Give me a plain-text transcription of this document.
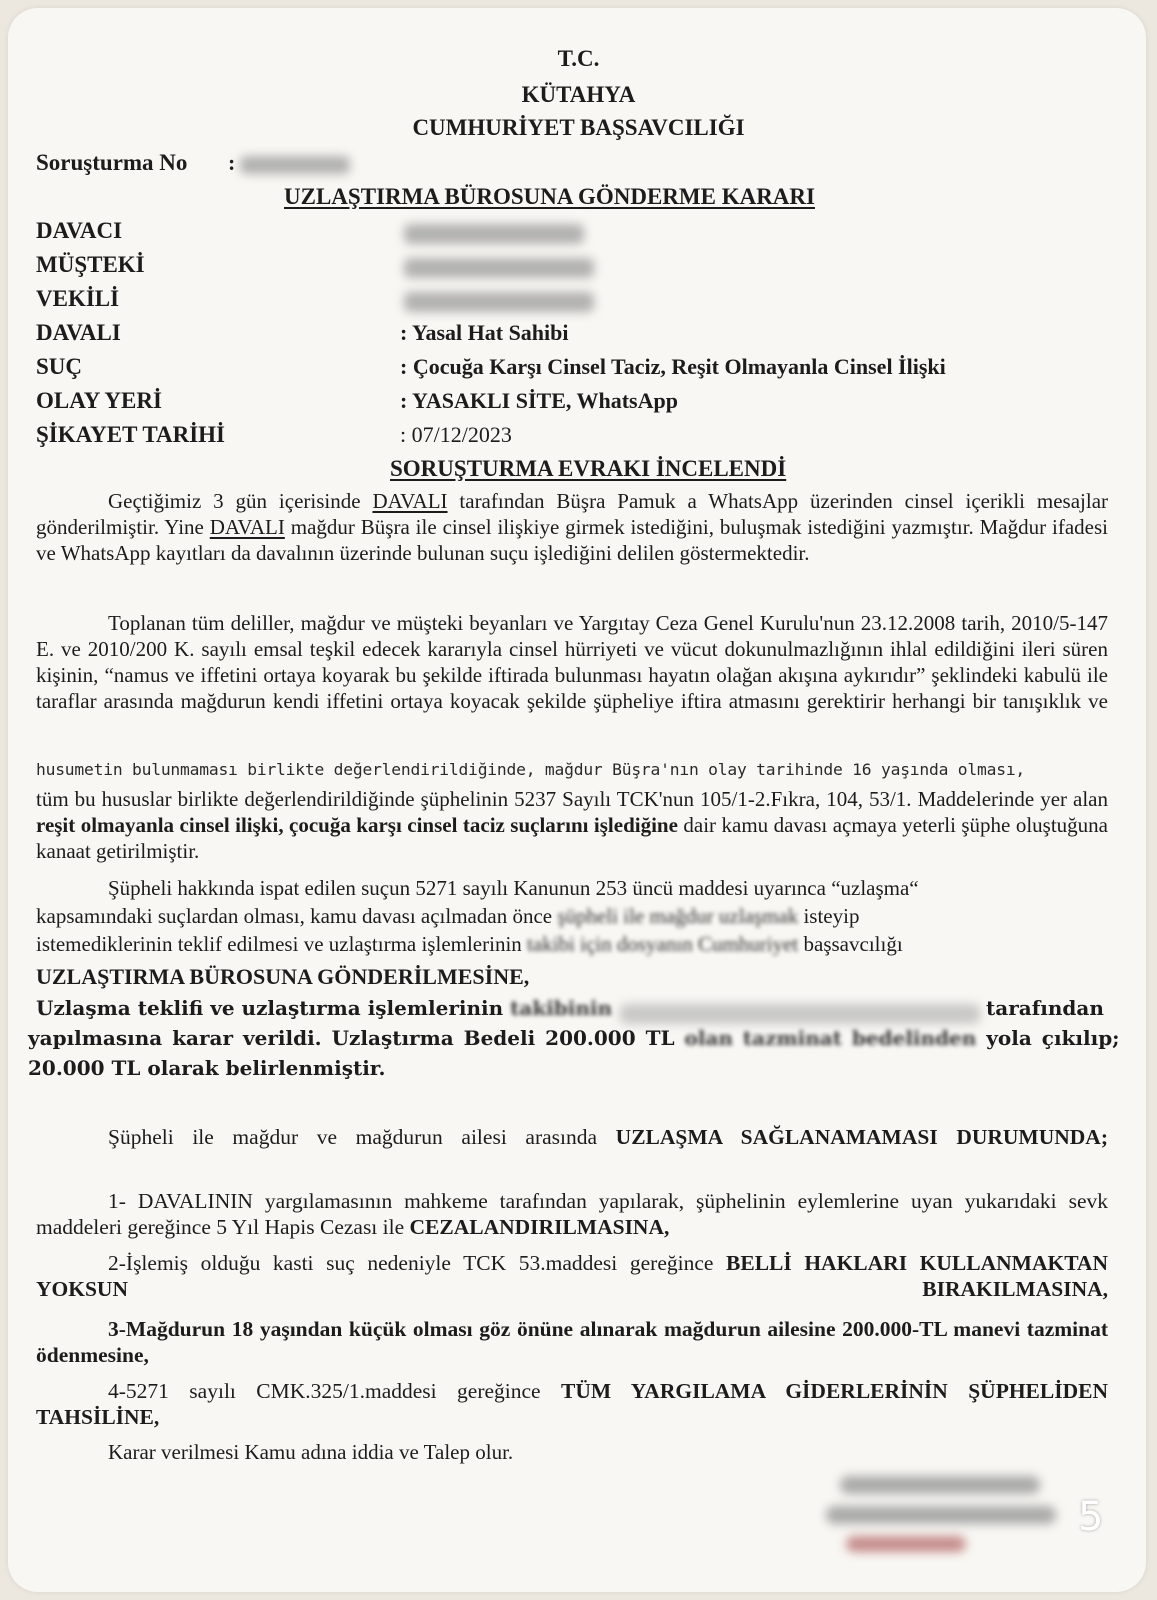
T.C.
KÜTAHYA
CUMHURİYET BAŞSAVCILIĞI
Soruşturma No :
UZLAŞTIRMA BÜROSUNA GÖNDERME KARARI
DAVACI
MÜŞTEKİ
VEKİLİ
DAVALI	: Yasal Hat Sahibi
SUÇ	: Çocuğa Karşı Cinsel Taciz, Reşit Olmayanla Cinsel İlişki
OLAY YERİ	: YASAKLI SİTE, WhatsApp
ŞİKAYET TARİHİ	: 07/12/2023
SORUŞTURMA EVRAKI İNCELENDİ
Geçtiğimiz 3 gün içerisinde DAVALI tarafından Büşra Pamuk a WhatsApp üzerinden cinsel içerikli mesajlar gönderilmiştir. Yine DAVALI mağdur Büşra ile cinsel ilişkiye girmek istediğini, buluşmak istediğini yazmıştır. Mağdur ifadesi ve WhatsApp kayıtları da davalının üzerinde bulunan suçu işlediğini delilen göstermektedir.
Toplanan tüm deliller, mağdur ve müşteki beyanları ve Yargıtay Ceza Genel Kurulu'nun 23.12.2008 tarih, 2010/5-147 E. ve 2010/200 K. sayılı emsal teşkil edecek kararıyla cinsel hürriyeti ve vücut dokunulmazlığının ihlal edildiğini ileri süren kişinin, “namus ve iffetini ortaya koyarak bu şekilde iftirada bulunması hayatın olağan akışına aykırıdır” şeklindeki kabulü ile taraflar arasında mağdurun kendi iffetini ortaya koyacak şekilde şüpheliye iftira atmasını gerektirir herhangi bir tanışıklık ve
husumetin bulunmaması birlikte değerlendirildiğinde, mağdur Büşra'nın olay tarihinde 16 yaşında olması,
tüm bu hususlar birlikte değerlendirildiğinde şüphelinin 5237 Sayılı TCK'nun 105/1-2.Fıkra, 104, 53/1. Maddelerinde yer alan reşit olmayanla cinsel ilişki, çocuğa karşı cinsel taciz suçlarını işlediğine dair kamu davası açmaya yeterli şüphe oluştuğuna kanaat getirilmiştir.
Şüpheli hakkında ispat edilen suçun 5271 sayılı Kanunun 253 üncü maddesi uyarınca “uzlaşma“
kapsamındaki suçlardan olması, kamu davası açılmadan önce şüpheli ile mağdur uzlaşmak isteyip
istemediklerinin teklif edilmesi ve uzlaştırma işlemlerinin takibi için dosyanın Cumhuriyet başsavcılığı
UZLAŞTIRMA BÜROSUNA GÖNDERİLMESİNE,
Uzlaşma teklifi ve uzlaştırma işlemlerinin takibinin	tarafından
yapılmasına karar verildi. Uzlaştırma Bedeli 200.000 TL olan tazminat bedelinden yola çıkılıp;
20.000 TL olarak belirlenmiştir.
Şüpheli ile mağdur ve mağdurun ailesi arasında UZLAŞMA SAĞLANAMAMASI DURUMUNDA;
1- DAVALININ yargılamasının mahkeme tarafından yapılarak, şüphelinin eylemlerine uyan yukarıdaki sevk maddeleri gereğince 5 Yıl Hapis Cezası ile CEZALANDIRILMASINA,
2-İşlemiş olduğu kasti suç nedeniyle TCK 53.maddesi gereğince BELLİ HAKLARI KULLANMAKTAN YOKSUN BIRAKILMASINA,
3-Mağdurun 18 yaşından küçük olması göz önüne alınarak mağdurun ailesine 200.000-TL manevi tazminat ödenmesine,
4-5271 sayılı CMK.325/1.maddesi gereğince TÜM YARGILAMA GİDERLERİNİN ŞÜPHELİDEN TAHSİLİNE,
Karar verilmesi Kamu adına iddia ve Talep olur.
5
